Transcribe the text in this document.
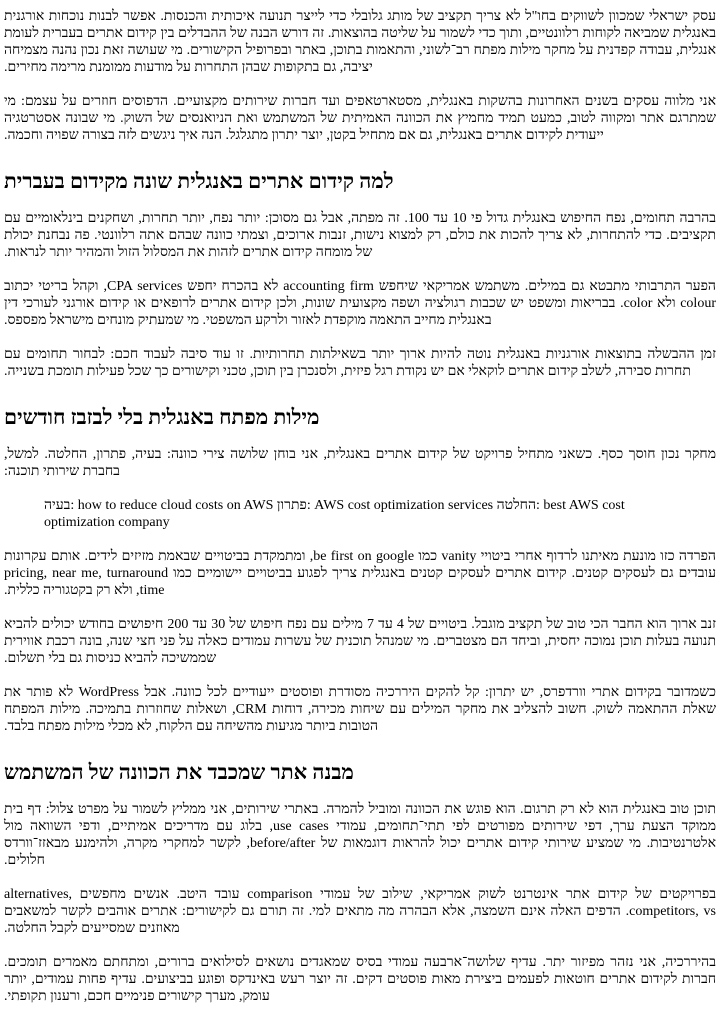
עסק ישראלי שמכוון לשווקים בחו"ל לא צריך תקציב של מותג גלובלי כדי לייצר תנועה איכותית והכנסות. אפשר לבנות נוכחות אורגנית באנגלית שמביאה לקוחות רלוונטיים, ותוך כדי לשמור על שליטה בהוצאות. זה דורש הבנה של ההבדלים בין קידום אתרים בעברית לעומת אנגלית, עבודה קפדנית על מחקר מילות מפתח רב־לשוני, והתאמות בתוכן, באתר ובפרופיל הקישורים. מי שעושה זאת נכון נהנה מצמיחה יציבה, גם בתקופות שבהן התחרות על מודעות ממומנת מרימה מחירים.

אני מלווה עסקים בשנים האחרונות בהשקות באנגלית, מסטארטאפים ועד חברות שירותים מקצועיים. הדפוסים חוזרים על עצמם: מי שמתרגם אתר ומקווה לטוב, כמעט תמיד מחמיץ את הכוונה האמיתית של המשתמש ואת הניואנסים של השוק. מי שבונה אסטרטגיה ייעודית לקידום אתרים באנגלית, גם אם מתחיל בקטן, יוצר יתרון מתגלגל. הנה איך ניגשים לזה בצורה שפויה וחכמה.

למה קידום אתרים באנגלית שונה מקידום בעברית

בהרבה תחומים, נפח החיפוש באנגלית גדול פי 10 עד 100. זה מפתה, אבל גם מסוכן: יותר נפח, יותר תחרות, ושחקנים בינלאומיים עם תקציבים. כדי להתחרות, לא צריך להכות את כולם, רק למצוא נישות, זנבות ארוכים, וצמתי כוונה שבהם אתה רלוונטי. פה נבחנת יכולת של מומחה קידום אתרים לזהות את המסלול הזול והמהיר יותר לנראות.

הפער התרבותי מתבטא גם במילים. משתמש אמריקאי שיחפש accounting firm לא בהכרח יחפש CPA services, וקהל בריטי יכתוב colour ולא color. בבריאות ומשפט יש שכבות רגולציה ושפה מקצועית שונות, ולכן קידום אתרים לרופאים או קידום אורגני לעורכי דין באנגלית מחייב התאמה מוקפדת לאזור ולרקע המשפטי. מי שמעתיק מונחים מישראל מפספס.

זמן ההבשלה בתוצאות אורגניות באנגלית נוטה להיות ארוך יותר בשאילתות תחרותיות. זו עוד סיבה לעבוד חכם: לבחור תחומים עם תחרות סבירה, לשלב קידום אתרים לוקאלי אם יש נקודת רגל פיזית, ולסנכרן בין תוכן, טכני וקישורים כך שכל פעילות תומכת בשנייה.

מילות מפתח באנגלית בלי לבזבז חודשים

מחקר נכון חוסך כסף. כשאני מתחיל פרויקט של קידום אתרים באנגלית, אני בוחן שלושה צירי כוונה: בעיה, פתרון, החלטה. למשל, בחברת שירותי תוכנה:

בעיה: how to reduce cloud costs on AWS פתרון: AWS cost optimization services החלטה: best AWS cost optimization company

הפרדה כזו מונעת מאיתנו לרדוף אחרי ביטויי vanity כמו be first on google, ומתמקדת בביטויים שבאמת מזיזים לידים. אותם עקרונות עובדים גם לעסקים קטנים. קידום אתרים לעסקים קטנים באנגלית צריך לפגוע בביטויים יישומיים כמו pricing, near me, turnaround time, ולא רק בקטגוריה כללית.

זנב ארוך הוא החבר הכי טוב של תקציב מוגבל. ביטויים של 4 עד 7 מילים עם נפח חיפוש של 30 עד 200 חיפושים בחודש יכולים להביא תנועה בעלות תוכן נמוכה יחסית, וביחד הם מצטברים. מי שמנהל תוכנית של עשרות עמודים כאלה על פני חצי שנה, בונה רכבת אווירית שממשיכה להביא כניסות גם בלי תשלום.

כשמדובר בקידום אתרי וורדפרס, יש יתרון: קל להקים היררכיה מסודרת ופוסטים ייעודיים לכל כוונה. אבל WordPress לא פותר את שאלת ההתאמה לשוק. חשוב להצליב את מחקר המילים עם שיחות מכירה, דוחות CRM, ושאלות שחוזרות בתמיכה. מילות המפתח הטובות ביותר מגיעות מהשיחה עם הלקוח, לא מכלי מילות מפתח בלבד.

מבנה אתר שמכבד את הכוונה של המשתמש

תוכן טוב באנגלית הוא לא רק תרגום. הוא פוגש את הכוונה ומוביל להמרה. באתרי שירותים, אני ממליץ לשמור על מפרט צלול: דף בית ממוקד הצעת ערך, דפי שירותים מפורטים לפי תתי־תחומים, עמודי use cases, בלוג עם מדריכים אמיתיים, ודפי השוואה מול אלטרנטיבות. מי שמציע שירותי קידום אתרים יכול להראות דוגמאות של before/after, לקשר למחקרי מקרה, ולהימנע מבאזז־וורדס חלולים.

בפרויקטים של קידום אתר אינטרנט לשוק אמריקאי, שילוב של עמודי comparison עובד היטב. אנשים מחפשים alternatives, competitors, vs. הדפים האלה אינם השמצה, אלא הבהרה מה מתאים למי. זה תורם גם לקישורים: אתרים אוהבים לקשר למשאבים מאוזנים שמסייעים לקבל החלטה.

בהיררכיה, אני נזהר מפיזור יתר. עדיף שלושה־ארבעה עמודי בסיס שמאגדים נושאים לסילואים ברורים, ומתחתם מאמרים תומכים. חברות לקידום אתרים חוטאות לפעמים ביצירת מאות פוסטים דקים. זה יוצר רעש באינדקס ופוגע בביצועים. עדיף פחות עמודים, יותר עומק, מערך קישורים פנימיים חכם, ורענון תקופתי.
